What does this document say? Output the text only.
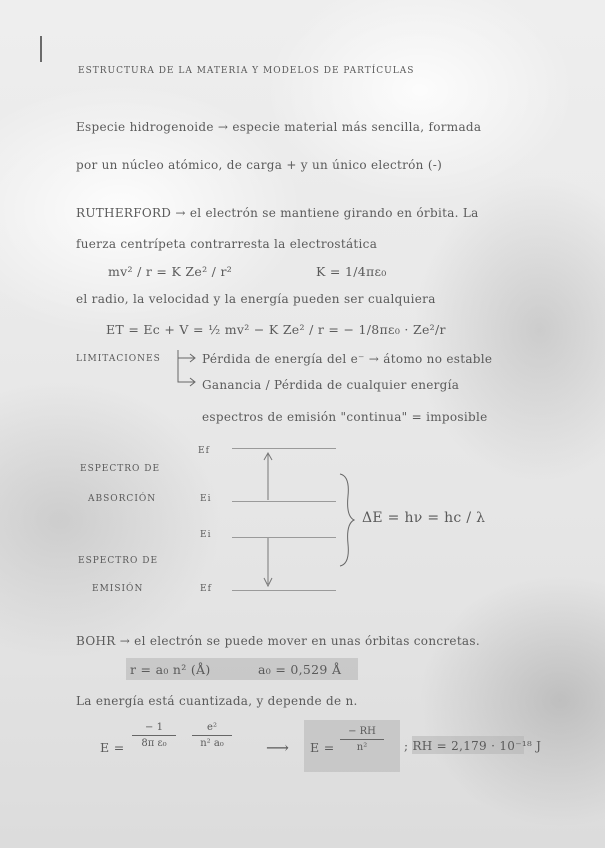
ESTRUCTURA DE LA MATERIA Y MODELOS DE PARTÍCULAS
Especie hidrogenoide → especie material más sencilla, formada
por un núcleo atómico, de carga + y un único electrón (-)
RUTHERFORD → el electrón se mantiene girando en órbita. La
fuerza centrípeta contrarresta la electrostática
mv² / r = K Ze² / r²	K = 1/4πε₀
el radio, la velocidad y la energía pueden ser cualquiera
ET = Ec + V = ½ mv² − K Ze² / r = − 1/8πε₀ · Ze²/r
LIMITACIONES	Pérdida de energía del e⁻ → átomo no estable
Ganancia / Pérdida de cualquier energía
espectros de emisión "continua" = imposible
Ef
ESPECTRO DE
ABSORCIÓN	Ei
Ei
ESPECTRO DE
EMISIÓN	Ef
ΔE = hν = hc / λ
BOHR → el electrón se puede mover en unas órbitas concretas.
r = a₀ n² (Å)	a₀ = 0,529 Å
La energía está cuantizada, y depende de n.
E =
− 1
8π ε₀
e²
n² a₀	⟶ E =
− RH
n²	; RH = 2,179 · 10⁻¹⁸ J
